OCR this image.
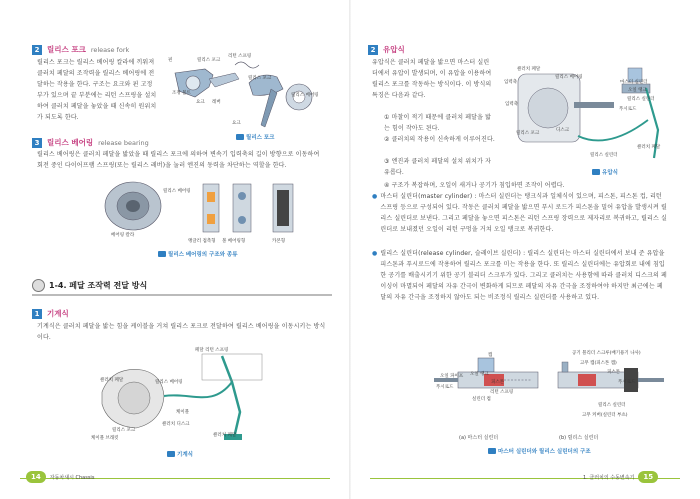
2	릴리스 포크 release fork
릴리스 포크는 릴리스 베어링 칼라에 끼워져 클러치 페달의 조작력을 릴리스 베어링에 전달하는 작용을 한다. 구조는 요크와 핀 고정부가 있으며 끝 부분에는 리턴 스프링을 설치하여 클러치 페달을 놓았을 때 신속히 원위치가 되도록 한다.
핀	릴리스 포크
리턴 스프링
조정 볼트
릴리스 포크
요크 레버
릴리스 베어링
요크
릴리스 포크
3	릴리스 베어링 release bearing
릴리스 베어링은 클러치 페달을 밟았을 때 릴리스 포크에 의하여 변속기 입력축의 길이 방향으로 이동하여 회전 중인 다이어프램 스프링(또는 릴리스 레버)을 눌러 엔진의 동력을 차단하는 역할을 한다.
릴리스 베어링
베어링 칼라
앵귤러 접촉형 볼 베어링형	카본형
릴리스 베어링의 구조와 종류
1-4. 페달 조작력 전달 방식
1	기계식
기계식은 클러치 페달을 밟는 힘을 케이블을 거쳐 릴리스 포크로 전달하여 릴리스 베어링을 이동시키는 방식이다.
페달 리턴 스프링
클러치 페달	릴리스 베어링
케이블
클러치 디스크
릴리스 포크
케이블 브래킷
클러치 페달
기계식
14	자동차섀시 Chassis
2	유압식
유압식은 클러치 페달을 밟으면 마스터 실린더에서 유압이 발생되며, 이 유압을 이용하여 릴리스 포크를 작동하는 방식이다. 이 방식의 특징은 다음과 같다.
① 마찰이 적기 때문에 클러치 페달을 밟는 힘이 작아도 된다.
② 클러치의 작용이 신속하게 이루어진다.
③ 엔진과 클러치 페달의 설치 위치가 자유롭다.
④ 구조가 복잡하며, 오일이 새거나 공기가 침입하면 조작이 어렵다.
클러치 페달
입력축
릴리스 베어링
입력축
릴리스 포크
디스크
릴리스 실린더
푸시로드
클러치 페달
마스터 실린더
오일 탱크
릴리스 실린더
유압식
● 마스터 실린더(master cylinder) : 마스터 실린더는 탱크식과 일체식이 있으며, 피스톤, 피스톤 컵, 리턴 스프링 등으로 구성되어 있다. 작동은 클러치 페달을 밟으면 푸시 로드가 피스톤을 밀어 유압을 발생시켜 릴리스 실린더로 보낸다. 그리고 페달을 놓으면 피스톤은 리턴 스프링 장력으로 제자리로 복귀하고, 릴리스 실린더로 보내졌던 오일이 리턴 구멍을 거쳐 오일 탱크로 복귀한다.
● 릴리스 실린더(release cylinder, 슬레이브 실린더) : 릴리스 실린더는 마스터 실린더에서 보내 준 유압을 피스톤과 푸시로드에 작용하여 릴리스 포크를 미는 작용을 한다. 또 릴리스 실린더에는 유압회로 내에 침입한 공기를 배출시키기 위한 공기 블리더 스크루가 있다. 그리고 클러치는 사용함에 따라 클러치 디스크의 페이싱이 마멸되어 페달의 자유 간극이 변화하게 되므로 페달의 자유 간극을 조정하여야 하지만 최근에는 페달의 자유 간극을 조정하지 않아도 되는 비조정식 릴리스 실린더를 사용하고 있다.
캡
오일 탱크
오일 파이프
푸시로드
피스톤
리턴 스프링
실린더 컵
공기 블리더 스크루(배기용기 나사)
고무 캡(피스톤 캡)
피스톤
릴리스 실린더
푸시로드
고무 커버(실린더 부츠)
(a) 마스터 실린더	(b) 릴리스 실린더
마스터 실린더와 릴리스 실린더의 구조
1. 클러치의 수동변속기	15
